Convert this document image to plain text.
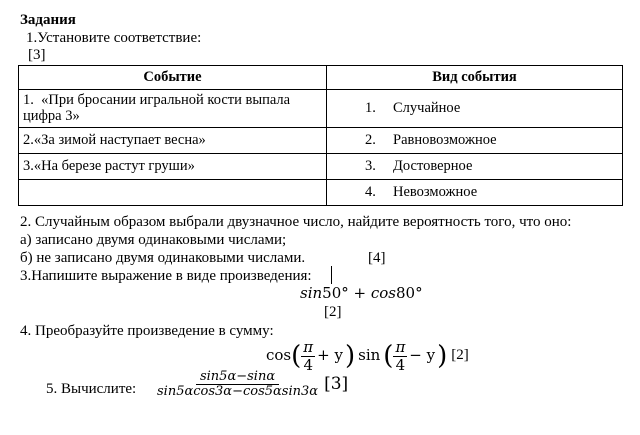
Задания
1.Установите соответствие:
[3]
Событие	Вид события
1. «При бросании игральной кости выпала цифра 3»	1. Случайное
2.«За зимой наступает весна»	2. Равновозможное
3.«На березе растут груши»	3. Достоверное
	4. Невозможное
2. Случайным образом выбрали двузначное число, найдите вероятность того, что оно:
а) записано двумя одинаковыми числами;
б) не записано двумя одинаковыми числами.	[4]
3.Напишите выражение в виде произведения:
sin50° + cos80°
[2]
4. Преобразуйте произведение в сумму:
cos ( $\frac{\pi}{4} + y$ ) sin ( $\frac{\pi}{4} - y$ ) [2]
5. Вычислите: $\frac{\sin 5\alpha-\sin\alpha}{\sin 5\alpha\cos 3\alpha-\cos 5\alpha\sin 3\alpha} [3]$
